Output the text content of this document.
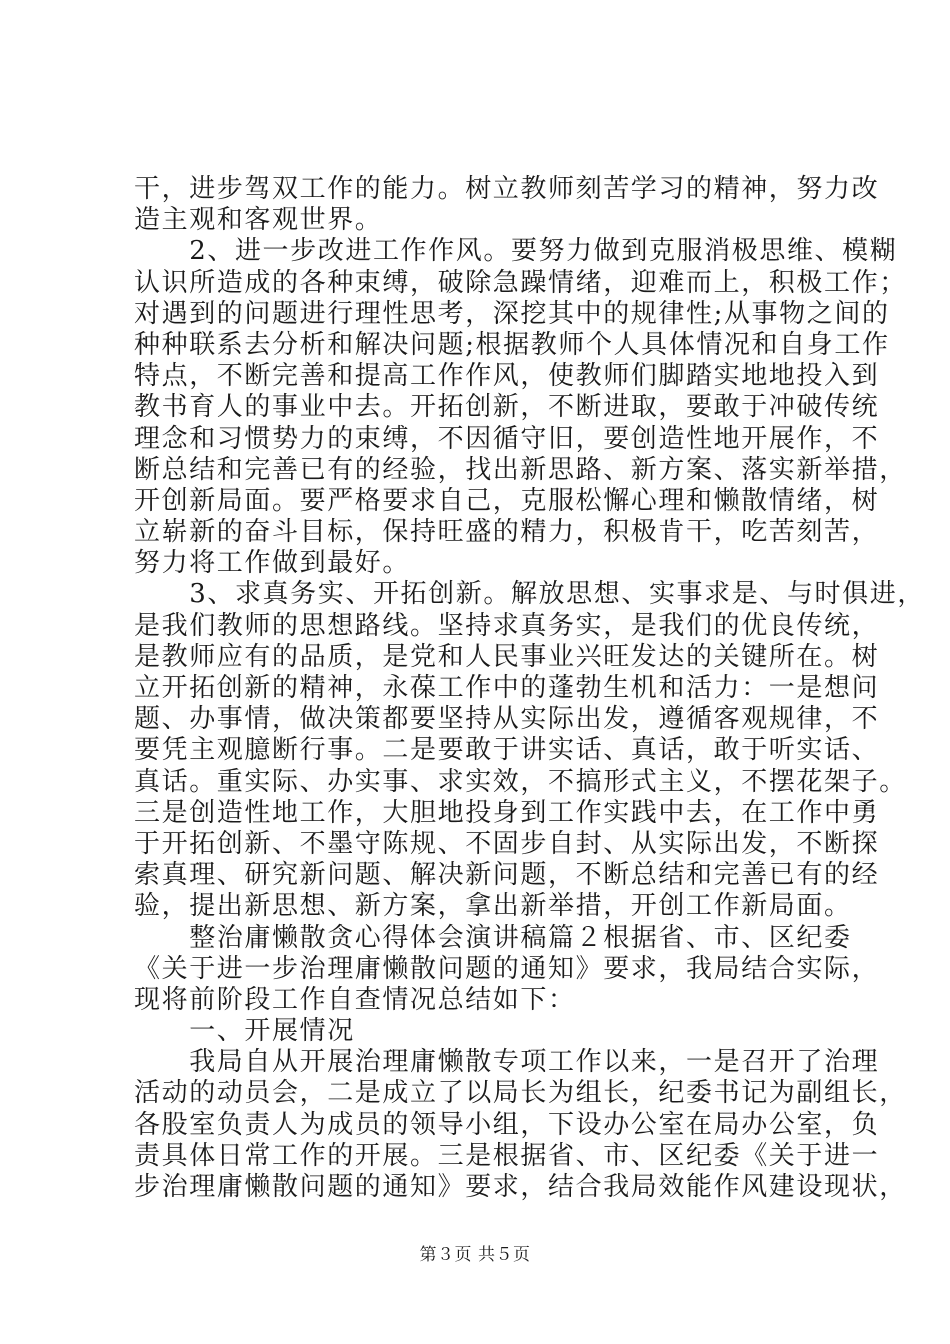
干，进步驾双工作的能力。树立教师刻苦学习的精神，努力改
造主观和客观世界。
　　2、进一步改进工作作风。要努力做到克服消极思维、模糊
认识所造成的各种束缚，破除急躁情绪，迎难而上，积极工作；
对遇到的问题进行理性思考，深挖其中的规律性;从事物之间的
种种联系去分析和解决问题;根据教师个人具体情况和自身工作
特点，不断完善和提高工作作风，使教师们脚踏实地地投入到
教书育人的事业中去。开拓创新，不断进取，要敢于冲破传统
理念和习惯势力的束缚，不因循守旧，要创造性地开展作，不
断总结和完善已有的经验，找出新思路、新方案、落实新举措，
开创新局面。要严格要求自己，克服松懈心理和懒散情绪，树
立崭新的奋斗目标，保持旺盛的精力，积极肯干，吃苦刻苦，
努力将工作做到最好。
　　3、求真务实、开拓创新。解放思想、实事求是、与时俱进，
是我们教师的思想路线。坚持求真务实，是我们的优良传统，
是教师应有的品质，是党和人民事业兴旺发达的关键所在。树
立开拓创新的精神，永葆工作中的蓬勃生机和活力：一是想问
题、办事情，做决策都要坚持从实际出发，遵循客观规律，不
要凭主观臆断行事。二是要敢于讲实话、真话，敢于听实话、
真话。重实际、办实事、求实效，不搞形式主义，不摆花架子。
三是创造性地工作，大胆地投身到工作实践中去，在工作中勇
于开拓创新、不墨守陈规、不固步自封、从实际出发，不断探
索真理、研究新问题、解决新问题，不断总结和完善已有的经
验，提出新思想、新方案，拿出新举措，开创工作新局面。
　　整治庸懒散贪心得体会演讲稿篇２根据省、市、区纪委
《关于进一步治理庸懒散问题的通知》要求，我局结合实际，
现将前阶段工作自查情况总结如下：
　　一、开展情况
　　我局自从开展治理庸懒散专项工作以来，一是召开了治理
活动的动员会，二是成立了以局长为组长，纪委书记为副组长，
各股室负责人为成员的领导小组，下设办公室在局办公室，负
责具体日常工作的开展。三是根据省、市、区纪委《关于进一
步治理庸懒散问题的通知》要求，结合我局效能作风建设现状，
第３页 共５页
